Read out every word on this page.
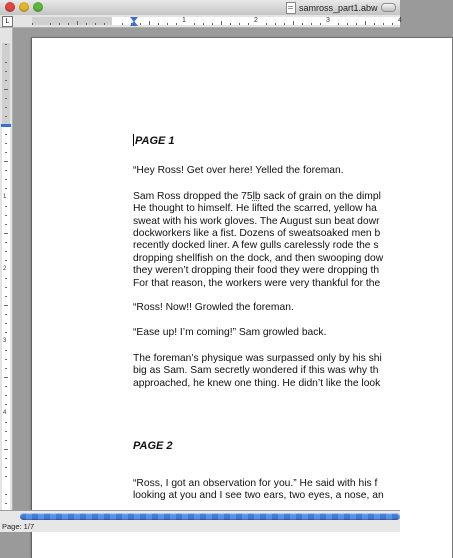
samross_part1.abw
L	1	2	3	4
1
2
3
4

PAGE 1

“Hey Ross! Get over here! Yelled the foreman.

Sam Ross dropped the 75lb sack of grain on the dimpl

He thought to himself. He lifted the scarred, yellow ha

sweat with his work gloves. The August sun beat dowr

dockworkers like a fist. Dozens of sweatsoaked men b

recently docked liner. A few gulls carelessly rode the s

dropping shellfish on the dock, and then swooping dow

they weren’t dropping their food they were dropping th

For that reason, the workers were very thankful for the

“Ross! Now!! Growled the foreman.

“Ease up! I’m coming!” Sam growled back.

The foreman’s physique was surpassed only by his shi

big as Sam. Sam secretly wondered if this was why th

approached, he knew one thing. He didn’t like the look

PAGE 2

“Ross, I got an observation for you.” He said with his f

looking at you and I see two ears, two eyes, a nose, an

Page: 1/7
